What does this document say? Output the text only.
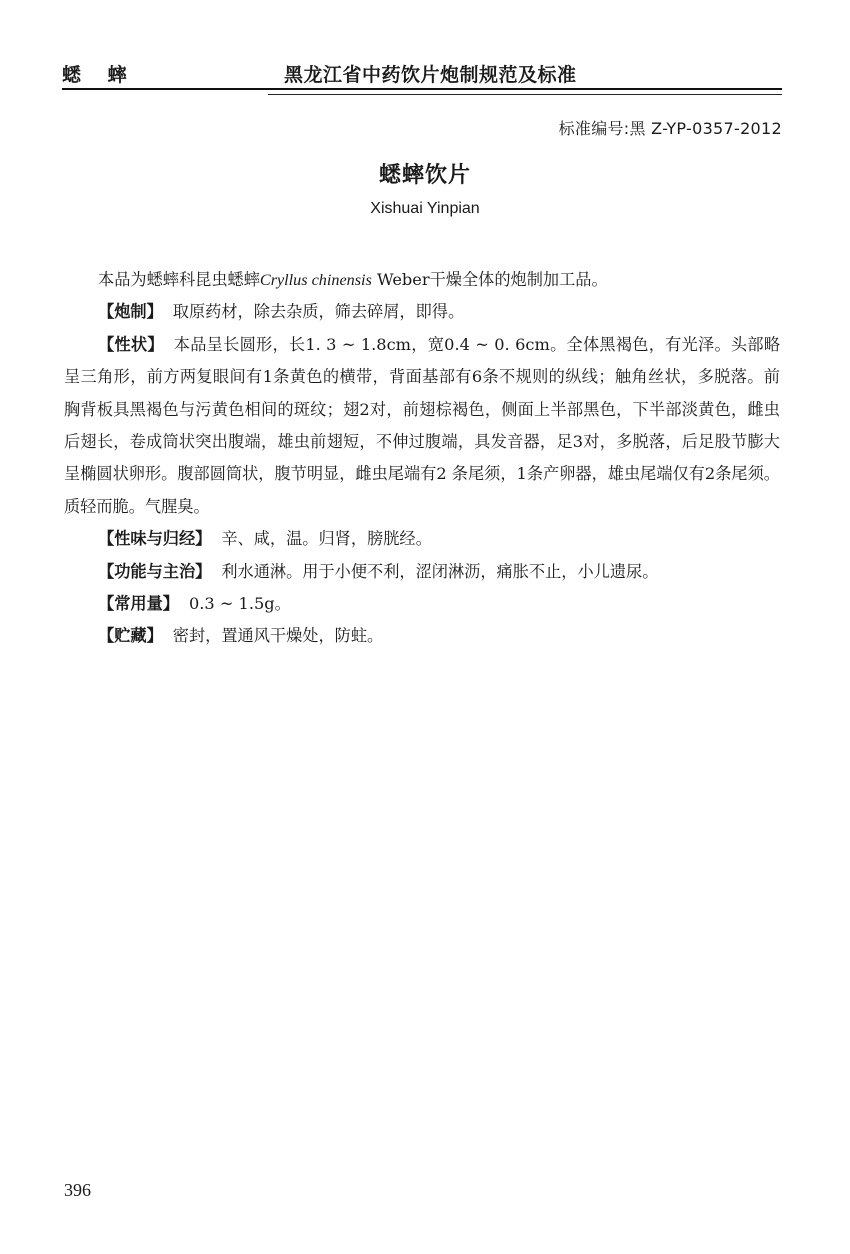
蟋 蟀	黑龙江省中药饮片炮制规范及标准
标准编号:黑 Z-YP-0357-2012
蟋蟀饮片
Xishuai Yinpian

本品为蟋蟀科昆虫蟋蟀Cryllus chinensis Weber干燥全体的炮制加工品。

【炮制】 取原药材，除去杂质，筛去碎屑，即得。

【性状】 本品呈长圆形，长1. 3 ~ 1.8cm，宽0.4 ~ 0. 6cm。全体黑褐色，有光泽。头部略呈三角形，前方两复眼间有1条黄色的横带，背面基部有6条不规则的纵线；触角丝状，多脱落。前胸背板具黑褐色与污黄色相间的斑纹；翅2对，前翅棕褐色，侧面上半部黑色，下半部淡黄色，雌虫后翅长，卷成筒状突出腹端，雄虫前翅短，不伸过腹端，具发音器，足3对，多脱落，后足股节膨大呈椭圆状卵形。腹部圆筒状，腹节明显，雌虫尾端有2 条尾须，1条产卵器，雄虫尾端仅有2条尾须。质轻而脆。气腥臭。

【性味与归经】 辛、咸，温。归肾，膀胱经。

【功能与主治】 利水通淋。用于小便不利，涩闭淋沥，痛胀不止，小儿遗尿。

【常用量】 0.3 ~ 1.5g。

【贮藏】 密封，置通风干燥处，防蛀。

396
